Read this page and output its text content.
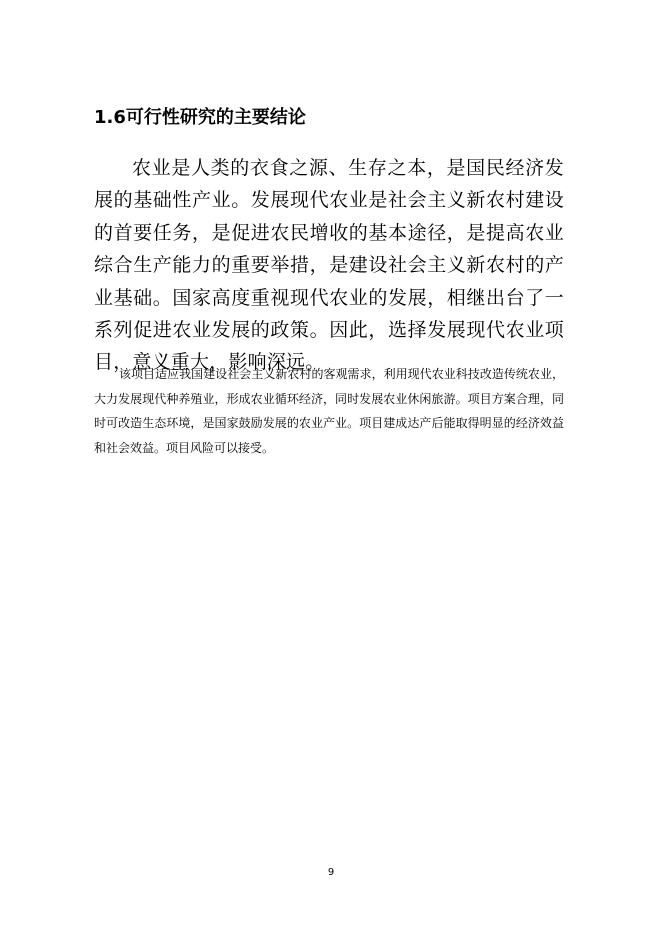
1.6可行性研究的主要结论

农业是人类的衣食之源、生存之本，是国民经济发展的基础性产业。发展现代农业是社会主义新农村建设的首要任务，是促进农民增收的基本途径，是提高农业综合生产能力的重要举措，是建设社会主义新农村的产业基础。国家高度重视现代农业的发展，相继出台了一系列促进农业发展的政策。因此，选择发展现代农业项目，意义重大，影响深远。

该项目适应我国建设社会主义新农村的客观需求，利用现代农业科技改造传统农业，大力发展现代种养殖业，形成农业循环经济，同时发展农业休闲旅游。项目方案合理，同时可改造生态环境，是国家鼓励发展的农业产业。项目建成达产后能取得明显的经济效益和社会效益。项目风险可以接受。

9
